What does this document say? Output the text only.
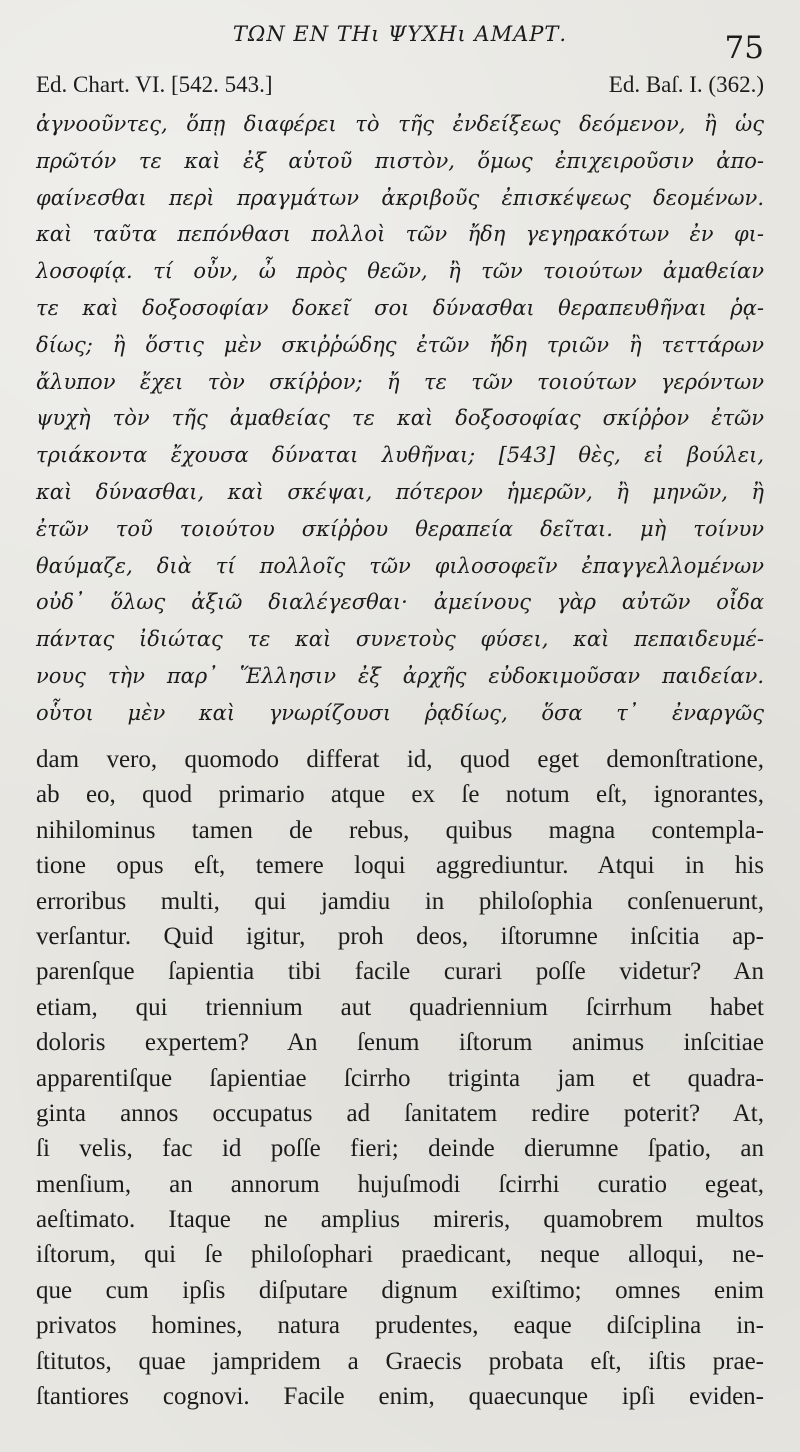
ΤΩΝ ΕΝ ΤΗι ΨΥΧΗι ΑΜΑΡΤ.	75
Ed. Chart. VI. [542. 543.]	Ed. Baſ. I. (362.)
ἀγνοοῦντες, ὅπῃ διαφέρει τὸ τῆς ἐνδείξεως δεόμενον, ἢ ὡς
πρῶτόν τε καὶ ἐξ αὑτοῦ πιστὸν, ὅμως ἐπιχειροῦσιν ἀπο-
φαίνεσθαι περὶ πραγμάτων ἀκριβοῦς ἐπισκέψεως δεομένων.
καὶ ταῦτα πεπόνθασι πολλοὶ τῶν ἤδη γεγηρακότων ἐν φι-
λοσοφίᾳ. τί οὖν, ὦ πρὸς θεῶν, ἢ τῶν τοιούτων ἀμαθείαν
τε καὶ δοξοσοφίαν δοκεῖ σοι δύνασθαι θεραπευθῆναι ῥᾳ-
δίως; ἢ ὅστις μὲν σκιῤῥώδης ἐτῶν ἤδη τριῶν ἢ τεττάρων
ἄλυπον ἔχει τὸν σκίῤῥον; ἤ τε τῶν τοιούτων γερόντων
ψυχὴ τὸν τῆς ἀμαθείας τε καὶ δοξοσοφίας σκίῤῥον ἐτῶν
τριάκοντα ἔχουσα δύναται λυθῆναι; [543] θὲς, εἰ βούλει,
καὶ δύνασθαι, καὶ σκέψαι, πότερον ἡμερῶν, ἢ μηνῶν, ἢ
ἐτῶν τοῦ τοιούτου σκίῤῥου θεραπεία δεῖται. μὴ τοίνυν
θαύμαζε, διὰ τί πολλοῖς τῶν φιλοσοφεῖν ἐπαγγελλομένων
οὐδ᾽ ὅλως ἀξιῶ διαλέγεσθαι· ἀμείνους γὰρ αὐτῶν οἶδα
πάντας ἰδιώτας τε καὶ συνετοὺς φύσει, καὶ πεπαιδευμέ-
νους τὴν παρ᾽ Ἕλλησιν ἐξ ἀρχῆς εὐδοκιμοῦσαν παιδείαν.
οὗτοι μὲν καὶ γνωρίζουσι ῥᾳδίως, ὅσα τ᾽ ἐναργῶς
dam vero, quomodo differat id, quod eget demonſtratione,
ab eo, quod primario atque ex ſe notum eſt, ignorantes,
nihilominus tamen de rebus, quibus magna contempla-
tione opus eſt, temere loqui aggrediuntur. Atqui in his
erroribus multi, qui jamdiu in philoſophia conſenuerunt,
verſantur. Quid igitur, proh deos, iſtorumne inſcitia ap-
parenſque ſapientia tibi facile curari poſſe videtur? An
etiam, qui triennium aut quadriennium ſcirrhum habet
doloris expertem? An ſenum iſtorum animus inſcitiae
apparentiſque ſapientiae ſcirrho triginta jam et quadra-
ginta annos occupatus ad ſanitatem redire poterit? At,
ſi velis, fac id poſſe fieri; deinde dierumne ſpatio, an
menſium, an annorum hujuſmodi ſcirrhi curatio egeat,
aeſtimato. Itaque ne amplius mireris, quamobrem multos
iſtorum, qui ſe philoſophari praedicant, neque alloqui, ne-
que cum ipſis diſputare dignum exiſtimo; omnes enim
privatos homines, natura prudentes, eaque diſciplina in-
ſtitutos, quae jampridem a Graecis probata eſt, iſtis prae-
ſtantiores cognovi. Facile enim, quaecunque ipſi eviden-
